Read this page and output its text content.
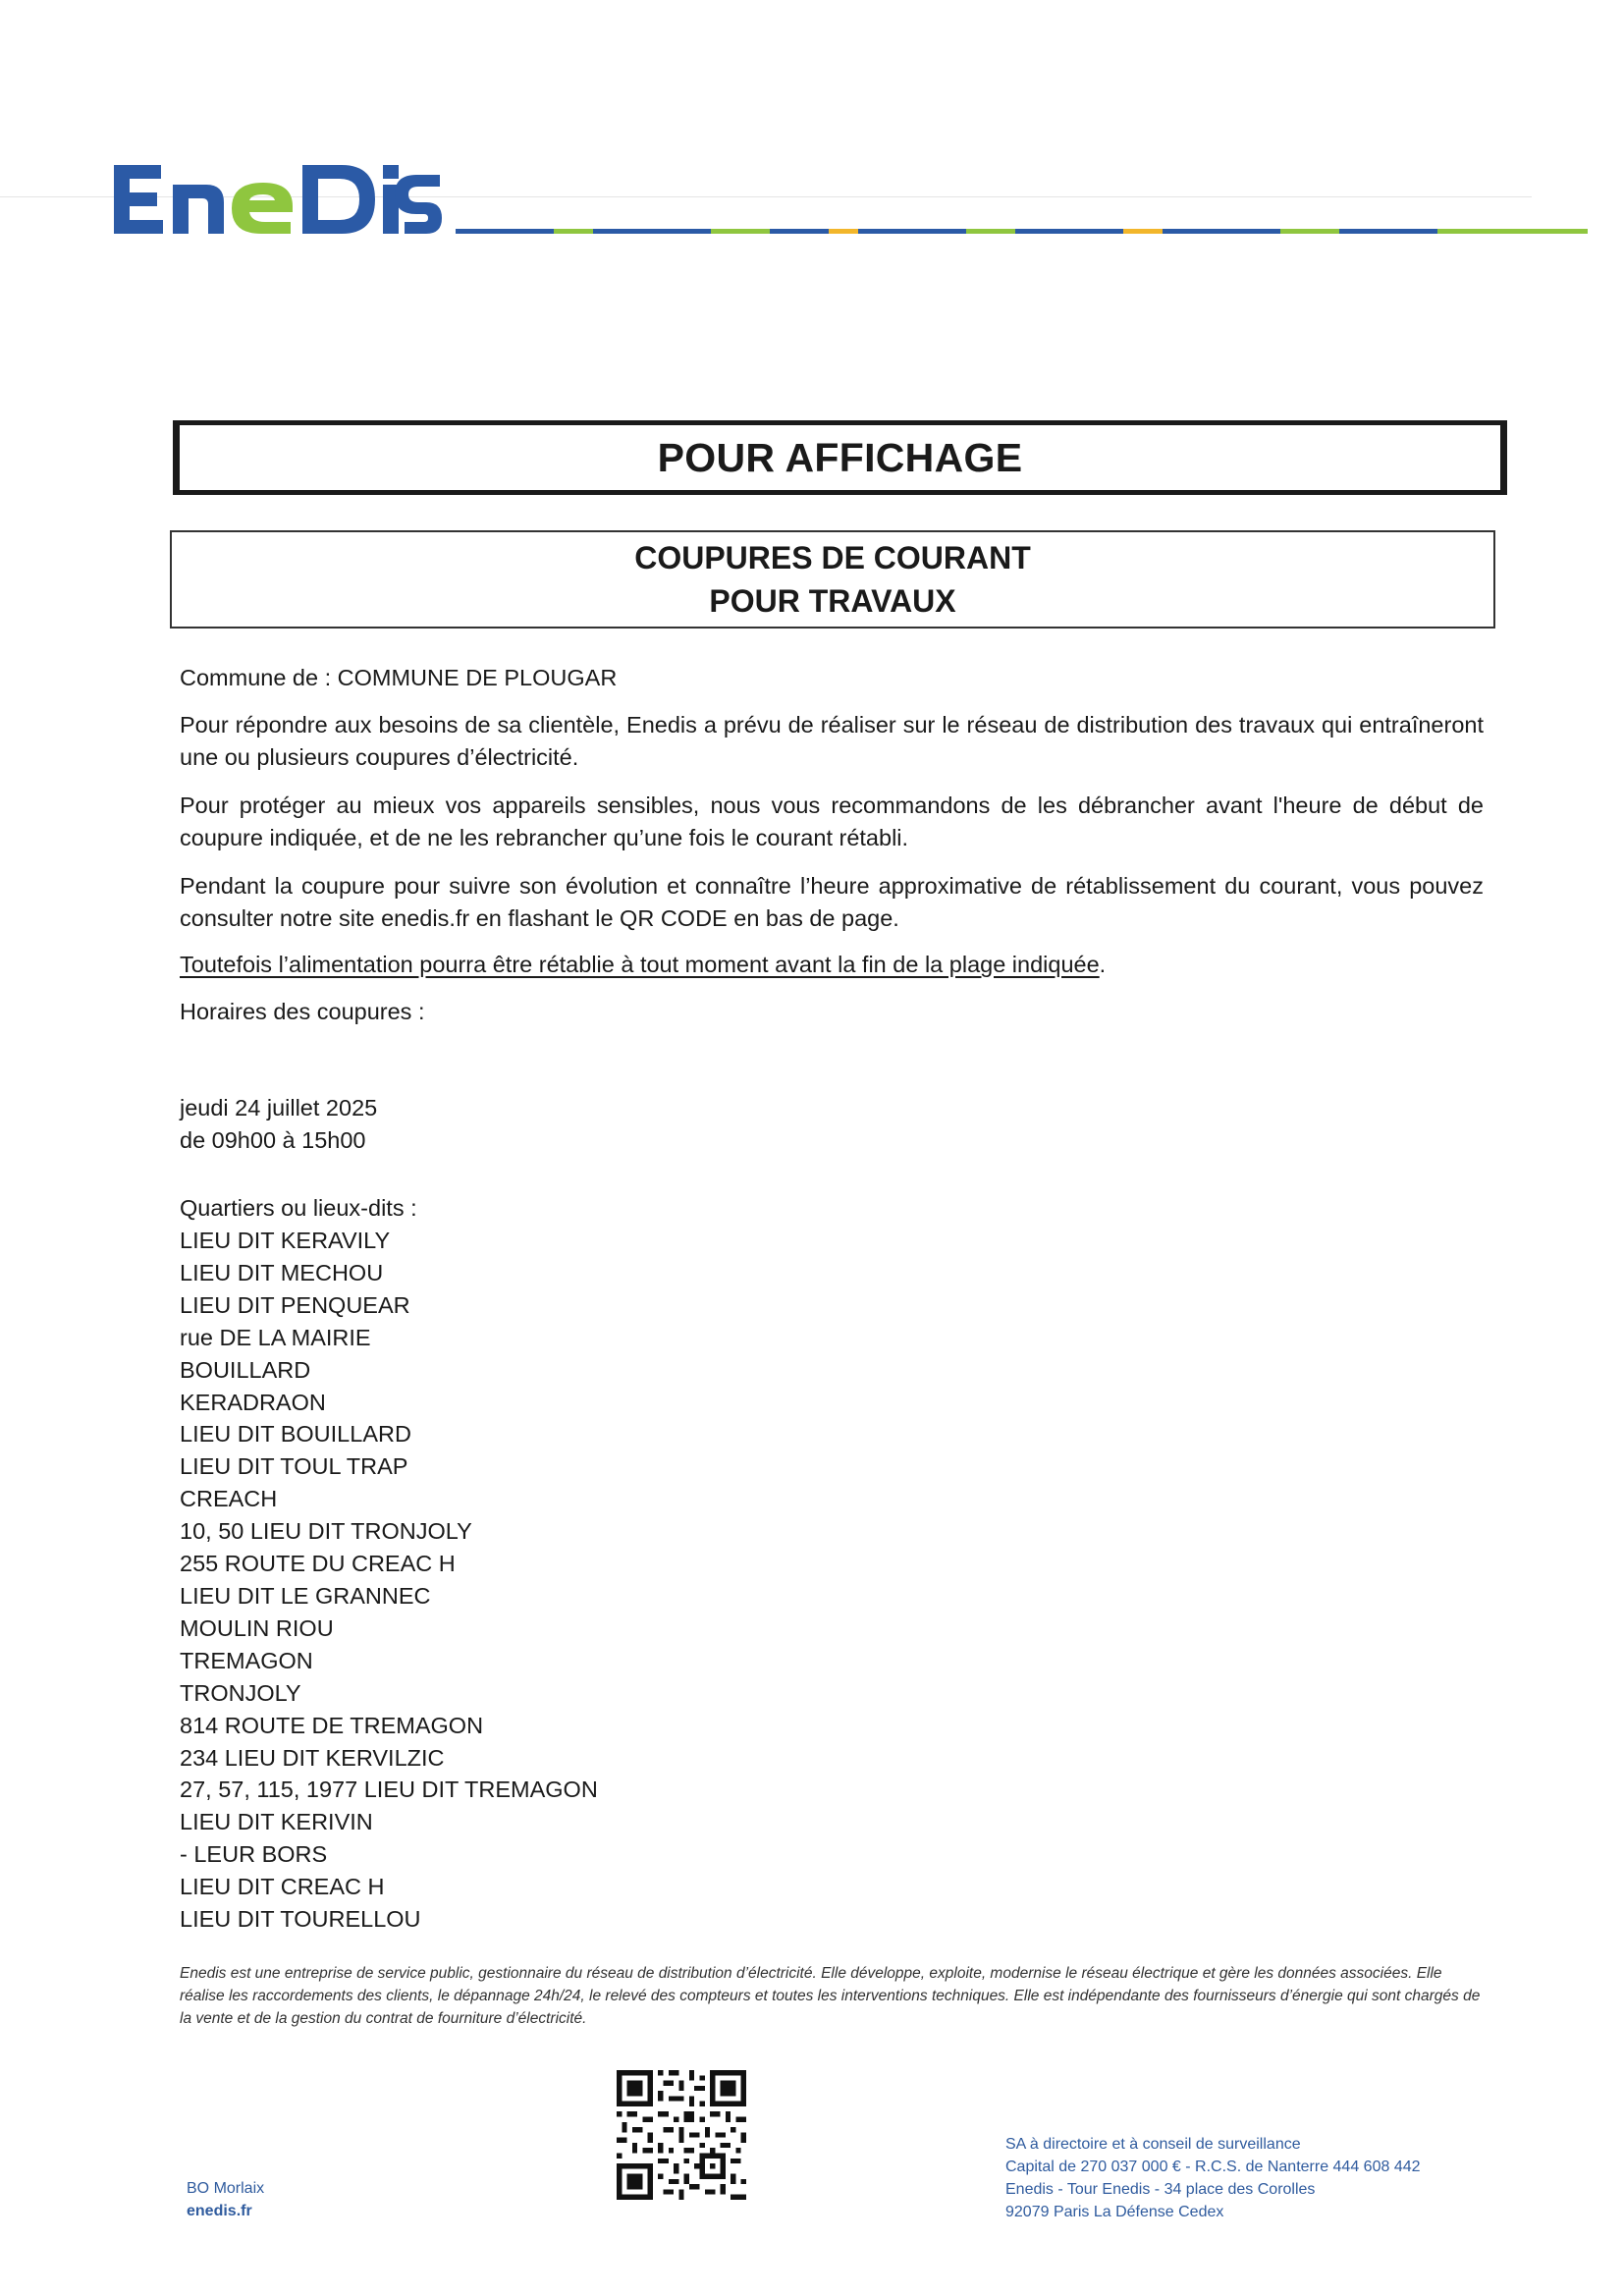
POUR AFFICHAGE
COUPURES DE COURANT
POUR TRAVAUX
Commune de : COMMUNE DE PLOUGAR
Pour répondre aux besoins de sa clientèle, Enedis a prévu de réaliser sur le réseau de distribution des travaux qui entraîneront une ou plusieurs coupures d’électricité.
Pour protéger au mieux vos appareils sensibles, nous vous recommandons de les débrancher avant l'heure de début de coupure indiquée, et de ne les rebrancher qu’une fois le courant rétabli.
Pendant la coupure pour suivre son évolution et connaître l’heure approximative de rétablissement du courant, vous pouvez consulter notre site enedis.fr en flashant le QR CODE en bas de page.
Toutefois l’alimentation pourra être rétablie à tout moment avant la fin de la plage indiquée.
Horaires des coupures :
jeudi 24 juillet 2025
de 09h00 à 15h00
Quartiers ou lieux-dits :
LIEU DIT KERAVILY
LIEU DIT MECHOU
LIEU DIT PENQUEAR
rue DE LA MAIRIE
BOUILLARD
KERADRAON
LIEU DIT BOUILLARD
LIEU DIT TOUL TRAP
CREACH
10, 50 LIEU DIT TRONJOLY
255 ROUTE DU CREAC H
LIEU DIT LE GRANNEC
MOULIN RIOU
TREMAGON
TRONJOLY
814 ROUTE DE TREMAGON
234 LIEU DIT KERVILZIC
27, 57, 115, 1977 LIEU DIT TREMAGON
LIEU DIT KERIVIN
- LEUR BORS
LIEU DIT CREAC H
LIEU DIT TOURELLOU
Enedis est une entreprise de service public, gestionnaire du réseau de distribution d’électricité. Elle développe, exploite, modernise le réseau électrique et gère les données associées. Elle réalise les raccordements des clients, le dépannage 24h/24, le relevé des compteurs et toutes les interventions techniques. Elle est indépendante des fournisseurs d’énergie qui sont chargés de la vente et de la gestion du contrat de fourniture d’électricité.
BO Morlaix
enedis.fr
SA à directoire et à conseil de surveillance
Capital de 270 037 000 € - R.C.S. de Nanterre 444 608 442
Enedis - Tour Enedis - 34 place des Corolles
92079 Paris La Défense Cedex
